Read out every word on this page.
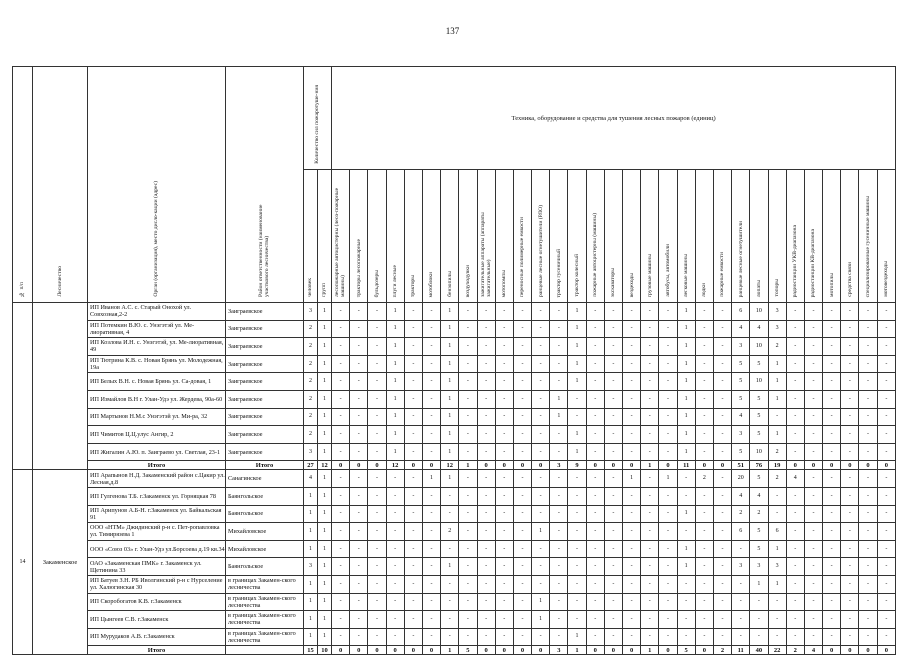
137
№ п/п	Лесничество	Орган (организация), место дисло-кации (адрес)	Район ответственности (наименование участкового лесничества)	Количество сил пожаротуше-ния		Техника, оборудование и средства для тушения лесных пожаров (единиц)																														
				человек	групп	лесопожарные автоцистерны (лесо-пожарные машины)	тракторы лесопожарные	бульдозеры	плуги лесные	тракторы	мотоблоки	бензопилы	воздуходувки	зажигательные аппараты (аппараты зажигательные)	мотопомпы	переносные полимерные емкости	ранцевые лесные огнетушители (РЛО)	трактор гусеничный	трактор колесный	пожарные автоцистерны (машины)	экскаваторы	вездеходы	грузовые машины	автобусы, автомобили	легковые машины	лодки	пожарные емкости	ранцевые лесные огнетушители	лопаты	топоры	радиостанции УКВ-диапазона	радиостанции КВ-диапазона	мотопилы	средства связи	специализированные гусеничные машины	мотовездеходы
		ИП Иванов А.С. с. Старый Онохой ул. Совхозная,2-2	Заиграевское	3	1	-	-	-	1	-	-	1	-	-	-	-	-	-	1	-	-	-	-	-	1	-	-	6	10	3	-	-	-	-	-	-
		ИП Потемкин В.Ю. с. Унэгэтэй ул. Ме-лиоративная, 4	Заиграевское	2	1	-	-	-	1	-	-	1	-	-	-	-	-	-	1	-	-	-	-	-	1	-	-	4	4	3	-	-	-	-	-	-
		ИП Козлова И.Н. с. Унэгэтэй, ул. Ме-лиоративная, 49	Заиграевское	2	1	-	-	-	1	-	-	1	-	-	-	-	-	-	1	-	-	-	-	-	1	-	-	3	10	2	-	-	-	-	-	-
		ИП Тютрина К.В. с. Новая Брянь ул. Молодежная, 19а	Заиграевское	2	1	-	-	-	1	-	-	1	-	-	-	-	-	-	1	-	-	-	-	-	1	-	-	5	5	1	-	-	-	-	-	-
		ИП Белых В.Н. с. Новая Брянь ул. Са-довая, 1	Заиграевское	2	1	-	-	-	1	-	-	1	-	-	-	-	-	-	1	-	-	-	-	-	1	-	-	5	10	1	-	-	-	-	-	-
		ИП Измайлов В.Н г. Улан-Удэ ул. Жердева, 90а-60	Заиграевское	2	1	-	-	-	1	-	-	1	-	-	-	-	-	1	-	-	-	-	-	-	1	-	-	5	5	1	-	-	-	-	-	-
		ИП Мартынов Н.М.с Унэгэтэй ул. Ми-ра, 32	Заиграевское	2	1	-	-	-	1	-	-	1	-	-	-	-	-	1	-	-	-	-	-	-	1	-	-	4	5	-	-	-	-	-	-	-
		ИП Чимитов Ц.Ц.улус Ангир, 2	Заиграевское	2	1	-	-	-	1	-	-	1	-	-	-	-	-	-	1	-	-	-	-	-	1	-	-	3	5	1	-	-	-	-	-	-
		ИП Жигалин А.Ю. п. Заиграево ул. Светлая, 23-1	Заиграевское	3	1	-	-	-	1	-	-	1	-	-	-	-	-	-	1	-	-	-	-	-	1	-	-	5	10	2	-	-	-	-	-	-
		Итого	Итого	27	12	0	0	0	12	0	0	12	1	0	0	0	0	3	9	0	0	0	1	0	11	0	0	51	76	19	0	0	0	0	0	0
14	Закаменское	ИП Арапынов Н.Д. Закаменский район с.Цакир ул. Лесная,д.8	Санагинское	4	1	-	-	-	-	-	1	1	-	-	-	-	-	-	-	-	-	1	-	1	-	2	-	20	5	2	4	-	-	-	-	-
		ИП Гулгенова Т.Б. г.Закаменск ул. Горняцкая 78	Баянгольское	1	1	-	-	-	-	-	-	-	-	-	-	-	-	-	-	-	-	-	-	-	-	-	-	4	4	-	-	-	-	-	-	-
		ИП Арипунов А.Б-Н. г.Закаменск ул. Байкальская 91	Баянгольское	1	1	-	-	-	-	-	-	-	-	-	-	-	-	-	-	-	-	-	-	-	1	-	-	2	2	-	-	-	-	-	-	-
		ООО «НТМ» Джидинский р-н с. Пет-ропавловка ул. Тимирязева 1	Михайловское	1	1	-	-	-	-	-	-	2	-	-	-	-	1	-	-	-	-	-	-	-	-	-	-	6	5	6	-	-	-	-	-	-
		ООО «Союз 03» г. Улан-Удэ ул.Борсоева д.19 кв.34	Михайловское	1	1	-	-	-	-	-	-	-	-	-	-	-	-	-	-	-	-	-	-	-	1	-	-	-	5	1	-	-	-	-	-	-
		ОАО «Закаменская ПМК» г. Закаменск ул. Щетинина 33	Баянгольское	3	1	-	-	-	-	-	-	1	-	-	-	-	-	-	-	-	-	-	-	-	1	-	-	3	3	3	-	-	-	-	-	-
		ИП Батуев З.Н. РБ Иволгинский р-н с Нурселение ул. Халюгинская 30	в границах Закамен-ского лесничества	1	1	-	-	-	-	-	-	-	-	-	-	-	-	-	-	-	-	-	-	-	-	-	-	-	1	1	-	-	-	-	-	-
		ИП Скоробогатов К.В. г.Закаменск	в границах Закамен-ского лесничества	1	1	-	-	-	-	-	-	-	-	-	-	-	1	-	-	-	-	-	-	-	-	-	-	-	-	-	-	-	-	-	-	-
		ИП Цынгеев С.В. г.Закаменск	в границах Закамен-ского лесничества	1	1	-	-	-	-	-	-	-	-	-	-	-	1	-	-	-	-	-	-	-	-	-	-	-	-	-	-	-	-	-	-	-
		ИП Мурудаков А.В. г.Закаменск	в границах Закамен-ского лесничества	1	1	-	-	-	-	-	-	-	-	-	-	-	-	-	1	-	-	-	-	-	-	-	-	-	-	-	-	-	-	-	-	-
		Итого		15	10	0	0	0	0	0	0	1	5	0	0	0	0	3	1	0	0	0	1	0	5	0	2	11	40	22	2	4	0	0	0	0
